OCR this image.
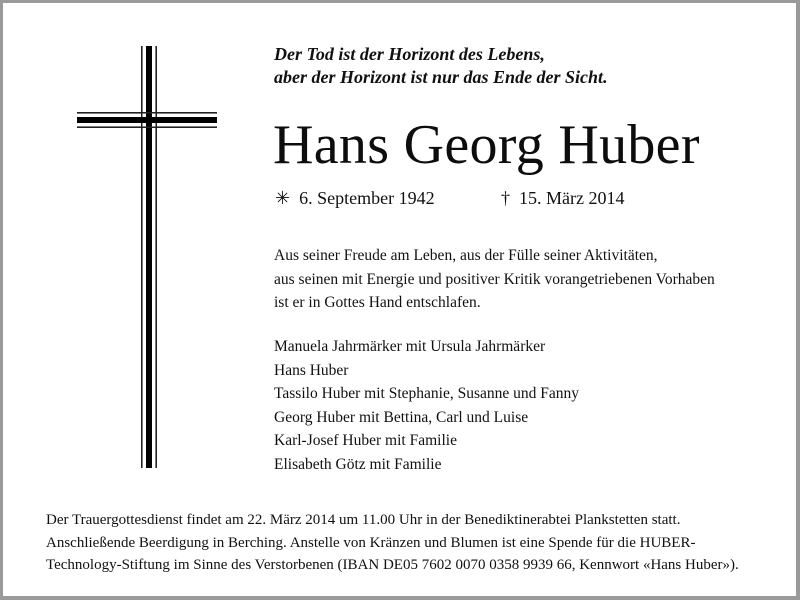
Der Tod ist der Horizont des Lebens,
aber der Horizont ist nur das Ende der Sicht.
Hans Georg Huber
✳ 6. September 1942	† 15. März 2014
Aus seiner Freude am Leben, aus der Fülle seiner Aktivitäten,
aus seinen mit Energie und positiver Kritik vorangetriebenen Vorhaben
ist er in Gottes Hand entschlafen.
Manuela Jahrmärker mit Ursula Jahrmärker
Hans Huber
Tassilo Huber mit Stephanie, Susanne und Fanny
Georg Huber mit Bettina, Carl und Luise
Karl-Josef Huber mit Familie
Elisabeth Götz mit Familie
Der Trauergottesdienst findet am 22. März 2014 um 11.00 Uhr in der Benediktinerabtei Plankstetten statt.
Anschließende Beerdigung in Berching. Anstelle von Kränzen und Blumen ist eine Spende für die HUBER-
Technology-Stiftung im Sinne des Verstorbenen (IBAN DE05 7602 0070 0358 9939 66, Kennwort «Hans Huber»).
